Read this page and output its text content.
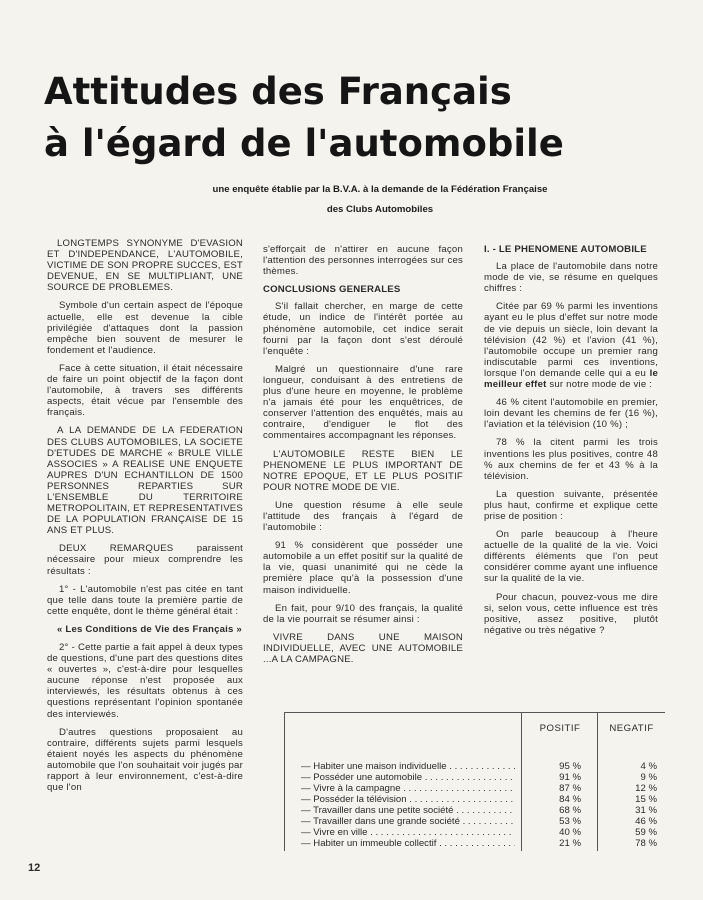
Attitudes des Français
à l'égard de l'automobile
une enquête établie par la B.V.A. à la demande de la Fédération Française
des Clubs Automobiles

LONGTEMPS SYNONYME D'EVASION ET D'INDEPENDANCE, L'AUTOMOBILE, VICTIME DE SON PROPRE SUCCES, EST DEVENUE, EN SE MULTIPLIANT, UNE SOURCE DE PROBLEMES.

Symbole d'un certain aspect de l'époque actuelle, elle est devenue la cible privilégiée d'attaques dont la passion empêche bien souvent de mesurer le fondement et l'audience.

Face à cette situation, il était nécessaire de faire un point objectif de la façon dont l'automobile, à travers ses différents aspects, était vécue par l'ensemble des français.

A LA DEMANDE DE LA FEDERATION DES CLUBS AUTOMOBILES, LA SOCIETE D'ETUDES DE MARCHE « BRULE VILLE ASSOCIES » A REALISE UNE ENQUETE AUPRES D'UN ECHANTILLON DE 1500 PERSONNES REPARTIES SUR L'ENSEMBLE DU TERRITOIRE METROPOLITAIN, ET REPRESENTATIVES DE LA POPULATION FRANÇAISE DE 15 ANS ET PLUS.

DEUX REMARQUES paraissent nécessaire pour mieux comprendre les résultats :

1° - L'automobile n'est pas citée en tant que telle dans toute la première partie de cette enquête, dont le thème général était :

« Les Conditions de Vie des Français »

2° - Cette partie a fait appel à deux types de questions, d'une part des questions dites « ouvertes », c'est-à-dire pour lesquelles aucune réponse n'est proposée aux interviewés, les résultats obtenus à ces questions représentant l'opinion spontanée des interviewés.

D'autres questions proposaient au contraire, différents sujets parmi lesquels étaient noyés les aspects du phénomène automobile que l'on souhaitait voir jugés par rapport à leur environnement, c'est-à-dire que l'on

s'efforçait de n'attirer en aucune façon l'attention des personnes interrogées sur ces thèmes.

CONCLUSIONS GENERALES

S'il fallait chercher, en marge de cette étude, un indice de l'intérêt portée au phénomène automobile, cet indice serait fourni par la façon dont s'est déroulé l'enquête :

Malgré un questionnaire d'une rare longueur, conduisant à des entretiens de plus d'une heure en moyenne, le problème n'a jamais été pour les enquêtrices, de conserver l'attention des enquêtés, mais au contraire, d'endiguer le flot des commentaires accompagnant les réponses.

L'AUTOMOBILE RESTE BIEN LE PHENOMENE LE PLUS IMPORTANT DE NOTRE EPOQUE, ET LE PLUS POSITIF POUR NOTRE MODE DE VIE.

Une question résume à elle seule l'attitude des français à l'égard de l'automobile :

91 % considèrent que posséder une automobile a un effet positif sur la qualité de la vie, quasi unanimité qui ne cède la première place qu'à la possession d'une maison individuelle.

En fait, pour 9/10 des français, la qualité de la vie pourrait se résumer ainsi :

VIVRE DANS UNE MAISON INDIVIDUELLE, AVEC UNE AUTOMOBILE ...A LA CAMPAGNE.

I. - LE PHENOMENE AUTOMOBILE

La place de l'automobile dans notre mode de vie, se résume en quelques chiffres :

Citée par 69 % parmi les inventions ayant eu le plus d'effet sur notre mode de vie depuis un siècle, loin devant la télévision (42 %) et l'avion (41 %), l'automobile occupe un premier rang indiscutable parmi ces inventions, lorsque l'on demande celle qui a eu le meilleur effet sur notre mode de vie :

46 % citent l'automobile en premier, loin devant les chemins de fer (16 %), l'aviation et la télévision (10 %) ;

78 % la citent parmi les trois inventions les plus positives, contre 48 % aux chemins de fer et 43 % à la télévision.

La question suivante, présentée plus haut, confirme et explique cette prise de position :

On parle beaucoup à l'heure actuelle de la qualité de la vie. Voici différents éléments que l'on peut considérer comme ayant une influence sur la qualité de la vie.

Pour chacun, pouvez-vous me dire si, selon vous, cette influence est très positive, assez positive, plutôt négative ou très négative ?

POSITIF	NEGATIF
— Habiter une maison individuelle . . .	95 %	4 %
— Posséder une automobile . . .	91 %	9 %
— Vivre à la campagne . . .	87 %	12 %
— Posséder la télévision . . .	84 %	15 %
— Travailler dans une petite société . . .	68 %	31 %
— Travailler dans une grande société . . .	53 %	46 %
— Vivre en ville . . .	40 %	59 %
— Habiter un immeuble collectif . . .	21 %	78 %
12
